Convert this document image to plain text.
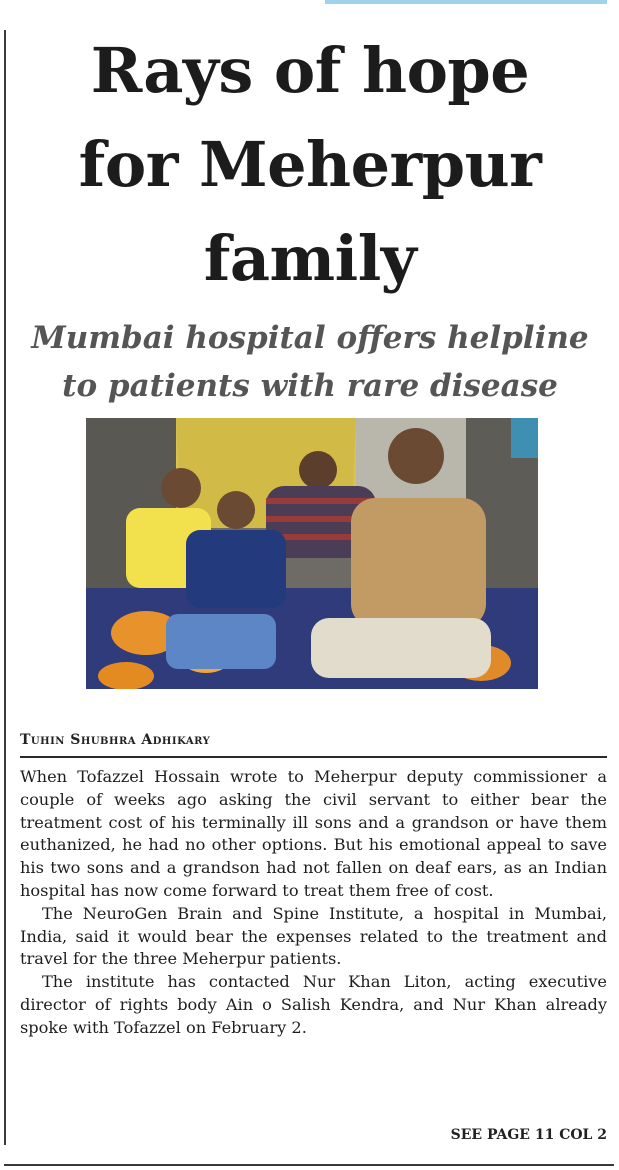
Rays of hope
for Meherpur
family
Mumbai hospital offers helpline
to patients with rare disease
Tuhin Shubhra Adhikary

When Tofazzel Hossain wrote to Meherpur deputy commissioner a couple of weeks ago asking the civil servant to either bear the treatment cost of his terminally ill sons and a grandson or have them euthanized, he had no other options. But his emotional appeal to save his two sons and a grandson had not fallen on deaf ears, as an Indian hospital has now come forward to treat them free of cost.

The NeuroGen Brain and Spine Institute, a hospital in Mumbai, India, said it would bear the expenses related to the treatment and travel for the three Meherpur patients.

The institute has contacted Nur Khan Liton, acting executive director of rights body Ain o Salish Kendra, and Nur Khan already spoke with Tofazzel on February 2.

SEE PAGE 11 COL 2
